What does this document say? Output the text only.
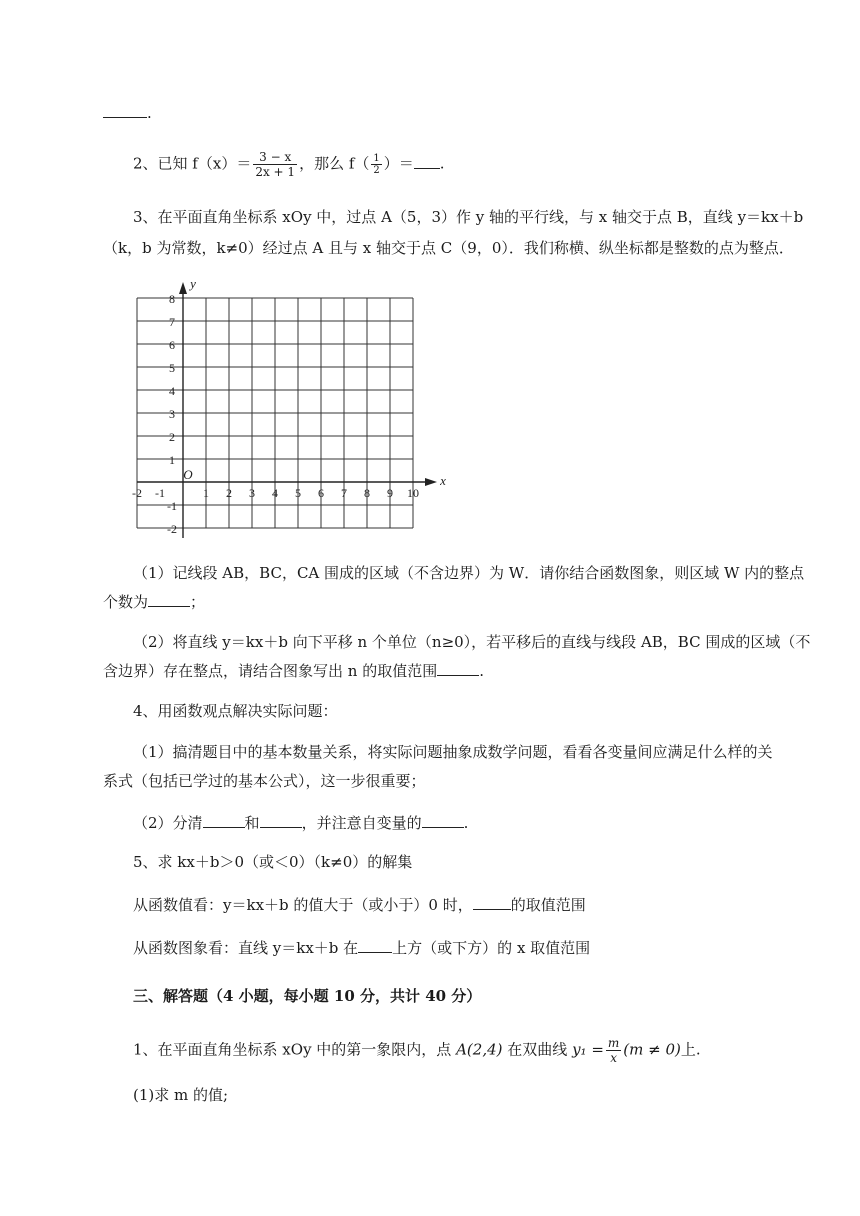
.
2、已知 $f(x)= \frac{3 - x}{2x + 1}$ ，那么 $f( \frac{1}{2}$ ）＝ .
3、在平面直角坐标系 xOy 中，过点 A（5，3）作 y 轴的平行线，与 x 轴交于点 B，直线 y＝kx＋b
（k，b 为常数，k≠0）经过点 A 且与 x 轴交于点 C（9，0）．我们称横、纵坐标都是整数的点为整点．
-2 -1	1 2 3 4 5 6 7 8 9 10
8
7
6
5
4
3
2
1
-1
-2
O	x
y
（1）记线段 AB，BC，CA 围成的区域（不含边界）为 W．请你结合函数图象，则区域 W 内的整点
个数为	；
（2）将直线 y＝kx＋b 向下平移 n 个单位（n≥0），若平移后的直线与线段 AB，BC 围成的区域（不
含边界）存在整点，请结合图象写出 n 的取值范围	.
4、用函数观点解决实际问题：
（1）搞清题目中的基本数量关系，将实际问题抽象成数学问题，看看各变量间应满足什么样的关
系式（包括已学过的基本公式），这一步很重要；
（2）分清	和	，并注意自变量的	.
5、求 kx＋b＞0（或＜0）（k≠0）的解集
从函数值看：y＝kx＋b 的值大于（或小于）0 时，	的取值范围
从函数图象看：直线 y＝kx＋b 在 上方（或下方）的 x 取值范围
三、解答题（4 小题，每小题 10 分，共计 40 分）
1、在平面直角坐标系 xOy 中的第一象限内，点 A(2,4) 在双曲线 $y_1 = \frac{m}{x} (m \ne 0)$上.
(1)求 m 的值;
